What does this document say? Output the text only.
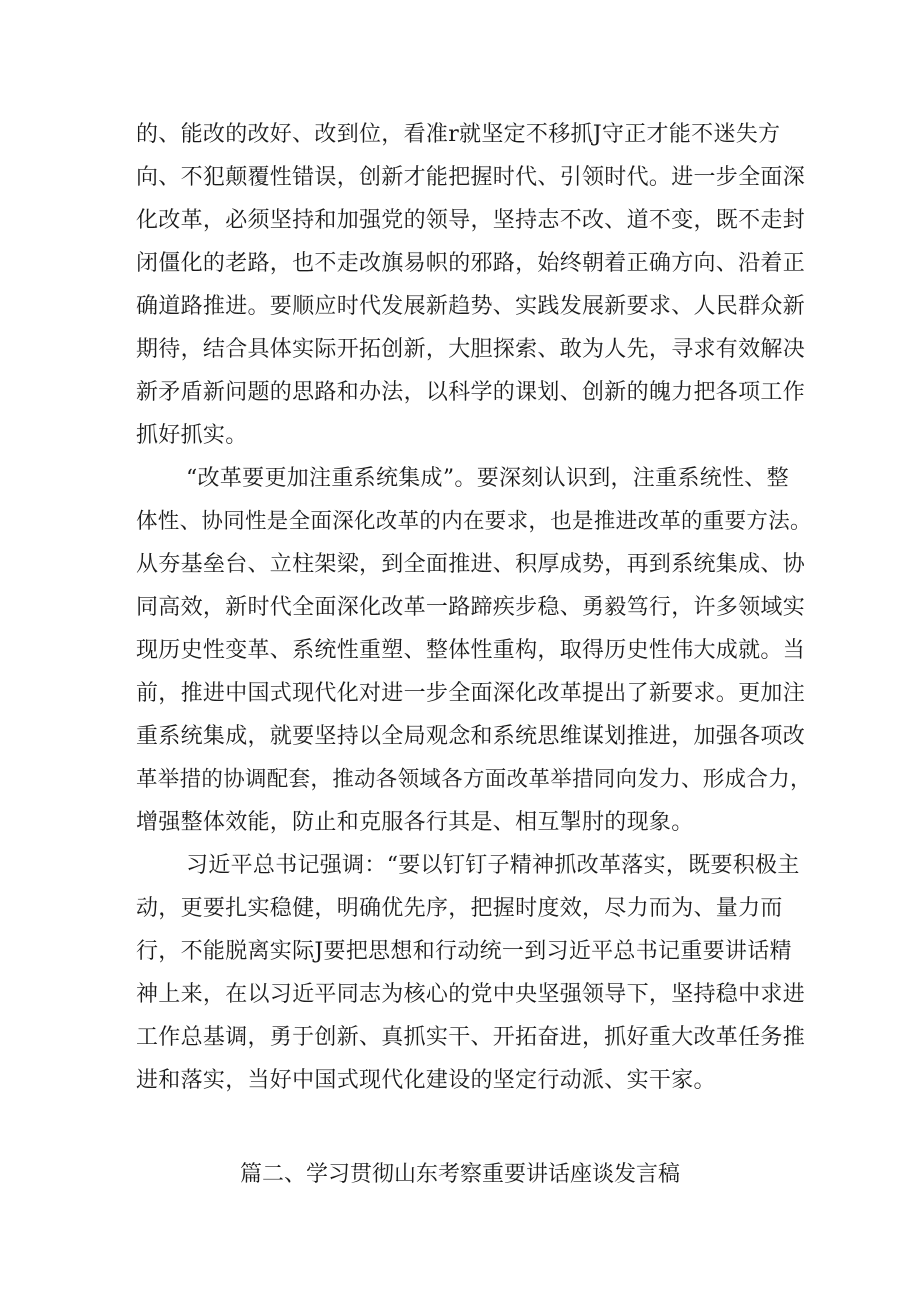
的、能改的改好、改到位，看准r就坚定不移抓J守正才能不迷失方
向、不犯颠覆性错误，创新才能把握时代、引领时代。进一步全面深
化改革，必须坚持和加强党的领导，坚持志不改、道不变，既不走封
闭僵化的老路，也不走改旗易帜的邪路，始终朝着正确方向、沿着正
确道路推进。要顺应时代发展新趋势、实践发展新要求、人民群众新
期待，结合具体实际开拓创新，大胆探索、敢为人先，寻求有效解决
新矛盾新问题的思路和办法，以科学的课划、创新的魄力把各项工作
抓好抓实。
“改革要更加注重系统集成”。要深刻认识到，注重系统性、整
体性、协同性是全面深化改革的内在要求，也是推进改革的重要方法。
从夯基垒台、立柱架梁，到全面推进、积厚成势，再到系统集成、协
同高效，新时代全面深化改革一路蹄疾步稳、勇毅笃行，许多领域实
现历史性变革、系统性重塑、整体性重构，取得历史性伟大成就。当
前，推进中国式现代化对进一步全面深化改革提出了新要求。更加注
重系统集成，就要坚持以全局观念和系统思维谋划推进，加强各项改
革举措的协调配套，推动各领域各方面改革举措同向发力、形成合力，
增强整体效能，防止和克服各行其是、相互掣肘的现象。
习近平总书记强调：“要以钉钉子精神抓改革落实，既要积极主
动，更要扎实稳健，明确优先序，把握时度效，尽力而为、量力而
行，不能脱离实际J要把思想和行动统一到习近平总书记重要讲话精
神上来，在以习近平同志为核心的党中央坚强领导下，坚持稳中求进
工作总基调，勇于创新、真抓实干、开拓奋进，抓好重大改革任务推
进和落实，当好中国式现代化建设的坚定行动派、实干家。
篇二、学习贯彻山东考察重要讲话座谈发言稿
